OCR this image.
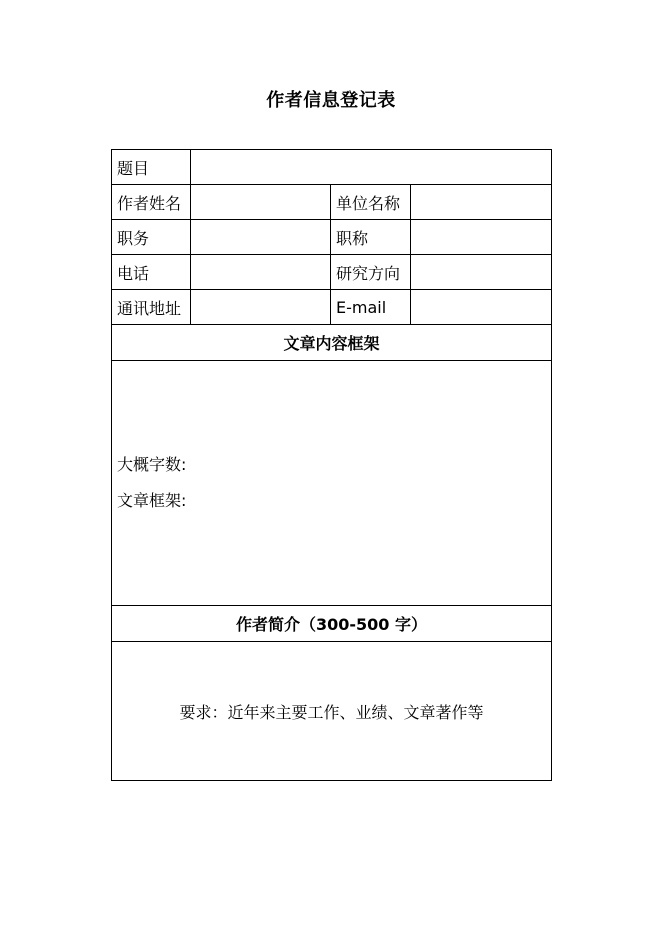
作者信息登记表
题目			
作者姓名		单位名称	
职务		职称	
电话		研究方向	
通讯地址		E-mail	
文章内容框架			

大概字数:
文章框架:			

作者简介（300-500 字）			
要求：近年来主要工作、业绩、文章著作等			
